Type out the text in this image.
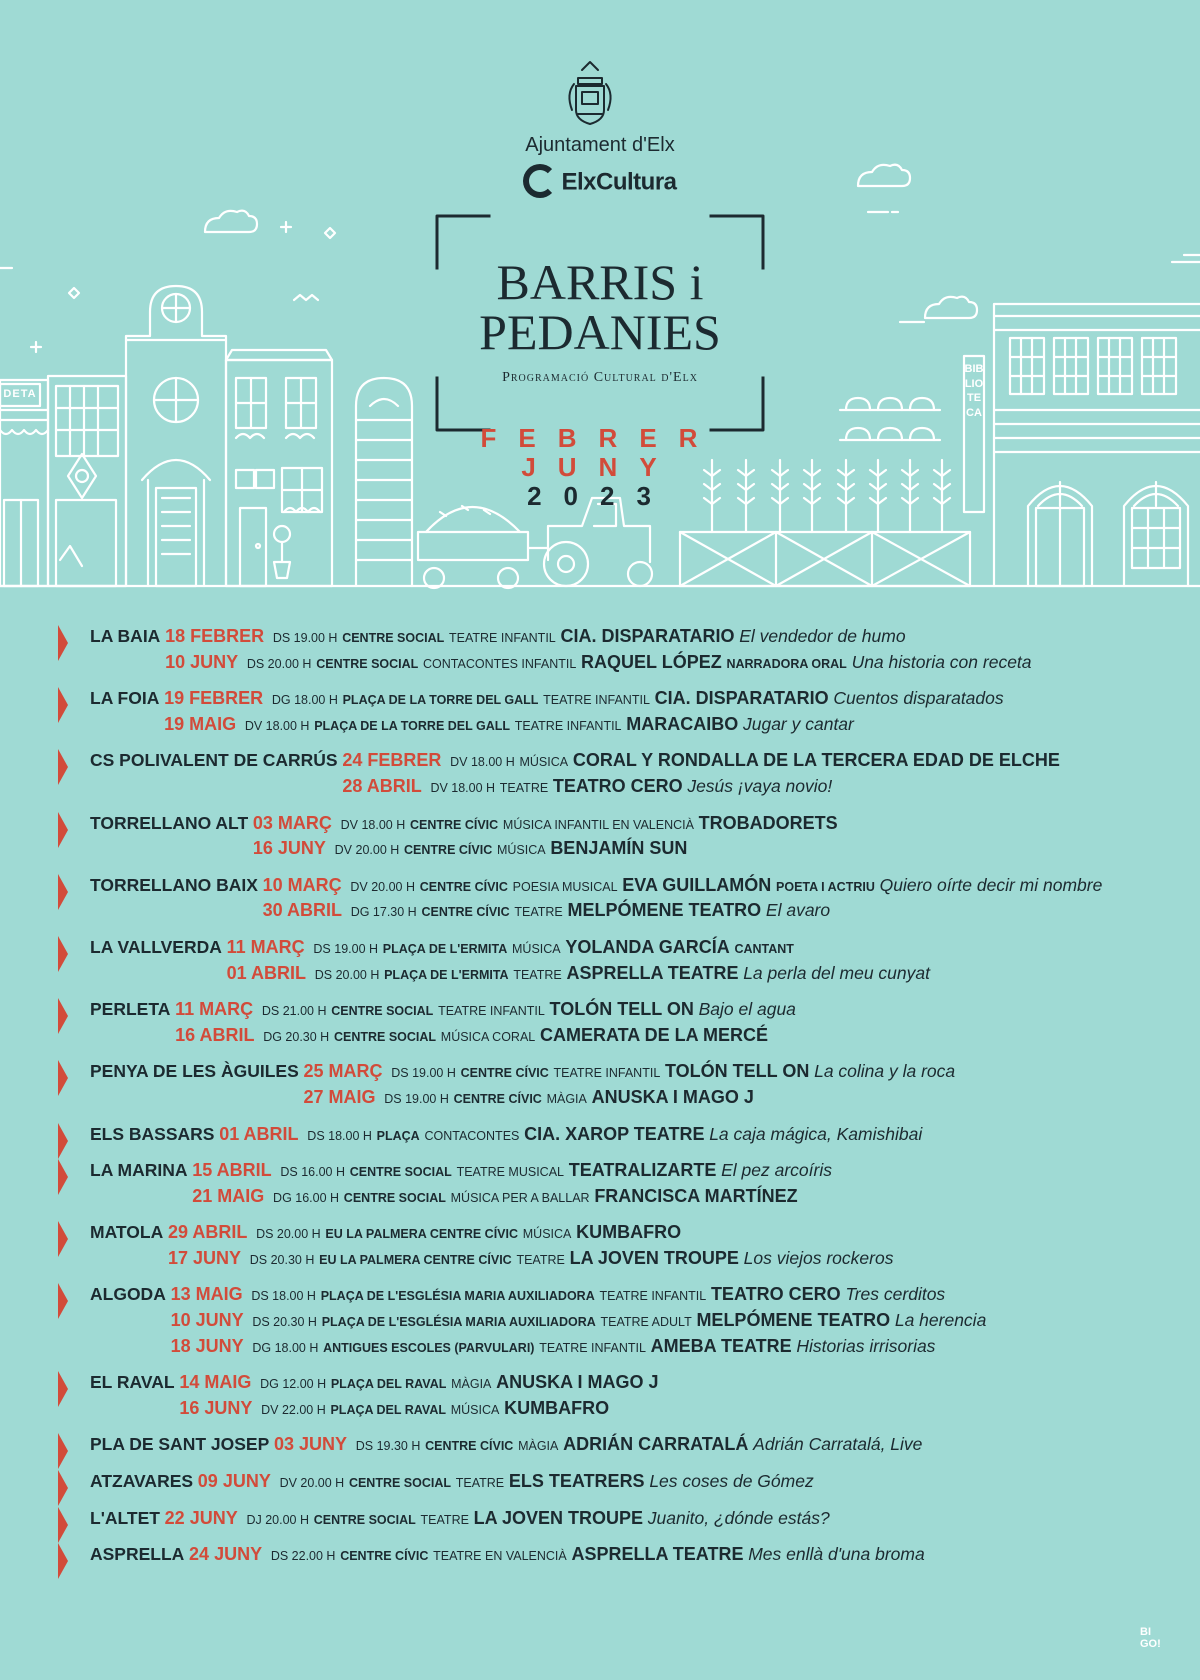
Ajuntament d'Elx
ElxCultura
BARRIS i
PEDANIES
Programació Cultural d'Elx
FEBRER
JUNY
2023
BIBLIOTECA
DETA
LA BAIA 18 FEBRER DS 19.00 H CENTRE SOCIAL TEATRE INFANTIL CIA. DISPARATARIO El vendedor de humo
10 JUNY DS 20.00 H CENTRE SOCIAL CONTACONTES INFANTIL RAQUEL LÓPEZ NARRADORA ORAL Una historia con receta
LA FOIA 19 FEBRER DG 18.00 H PLAÇA DE LA TORRE DEL GALL TEATRE INFANTIL CIA. DISPARATARIO Cuentos disparatados
19 MAIG DV 18.00 H PLAÇA DE LA TORRE DEL GALL TEATRE INFANTIL MARACAIBO Jugar y cantar
CS POLIVALENT DE CARRÚS 24 FEBRER DV 18.00 H MÚSICA CORAL Y RONDALLA DE LA TERCERA EDAD DE ELCHE
28 ABRIL DV 18.00 H TEATRE TEATRO CERO Jesús ¡vaya novio!
TORRELLANO ALT 03 MARÇ DV 18.00 H CENTRE CÍVIC MÚSICA INFANTIL EN VALENCIÀ TROBADORETS
16 JUNY DV 20.00 H CENTRE CÍVIC MÚSICA BENJAMÍN SUN
TORRELLANO BAIX 10 MARÇ DV 20.00 H CENTRE CÍVIC POESIA MUSICAL EVA GUILLAMÓN POETA I ACTRIU Quiero oírte decir mi nombre
30 ABRIL DG 17.30 H CENTRE CÍVIC TEATRE MELPÓMENE TEATRO El avaro
LA VALLVERDA 11 MARÇ DS 19.00 H PLAÇA DE L'ERMITA MÚSICA YOLANDA GARCÍA CANTANT
01 ABRIL DS 20.00 H PLAÇA DE L'ERMITA TEATRE ASPRELLA TEATRE La perla del meu cunyat
PERLETA 11 MARÇ DS 21.00 H CENTRE SOCIAL TEATRE INFANTIL TOLÓN TELL ON Bajo el agua
16 ABRIL DG 20.30 H CENTRE SOCIAL MÚSICA CORAL CAMERATA DE LA MERCÉ
PENYA DE LES ÀGUILES 25 MARÇ DS 19.00 H CENTRE CÍVIC TEATRE INFANTIL TOLÓN TELL ON La colina y la roca
27 MAIG DS 19.00 H CENTRE CÍVIC MÀGIA ANUSKA I MAGO J
ELS BASSARS 01 ABRIL DS 18.00 H PLAÇA CONTACONTES CIA. XAROP TEATRE La caja mágica, Kamishibai
LA MARINA 15 ABRIL DS 16.00 H CENTRE SOCIAL TEATRE MUSICAL TEATRALIZARTE El pez arcoíris
21 MAIG DG 16.00 H CENTRE SOCIAL MÚSICA PER A BALLAR FRANCISCA MARTÍNEZ
MATOLA 29 ABRIL DS 20.00 H EU LA PALMERA CENTRE CÍVIC MÚSICA KUMBAFRO
17 JUNY DS 20.30 H EU LA PALMERA CENTRE CÍVIC TEATRE LA JOVEN TROUPE Los viejos rockeros
ALGODA 13 MAIG DS 18.00 H PLAÇA DE L'ESGLÉSIA MARIA AUXILIADORA TEATRE INFANTIL TEATRO CERO Tres cerditos
10 JUNY DS 20.30 H PLAÇA DE L'ESGLÉSIA MARIA AUXILIADORA TEATRE ADULT MELPÓMENE TEATRO La herencia
18 JUNY DG 18.00 H ANTIGUES ESCOLES (PARVULARI) TEATRE INFANTIL AMEBA TEATRE Historias irrisorias
EL RAVAL 14 MAIG DG 12.00 H PLAÇA DEL RAVAL MÀGIA ANUSKA I MAGO J
16 JUNY DV 22.00 H PLAÇA DEL RAVAL MÚSICA KUMBAFRO
PLA DE SANT JOSEP 03 JUNY DS 19.30 H CENTRE CÍVIC MÀGIA ADRIÁN CARRATALÁ Adrián Carratalá, Live
ATZAVARES 09 JUNY DV 20.00 H CENTRE SOCIAL TEATRE ELS TEATRERS Les coses de Gómez
L'ALTET 22 JUNY DJ 20.00 H CENTRE SOCIAL TEATRE LA JOVEN TROUPE Juanito, ¿dónde estás?
ASPRELLA 24 JUNY DS 22.00 H CENTRE CÍVIC TEATRE EN VALENCIÀ ASPRELLA TEATRE Mes enllà d'una broma
BI
GO!
